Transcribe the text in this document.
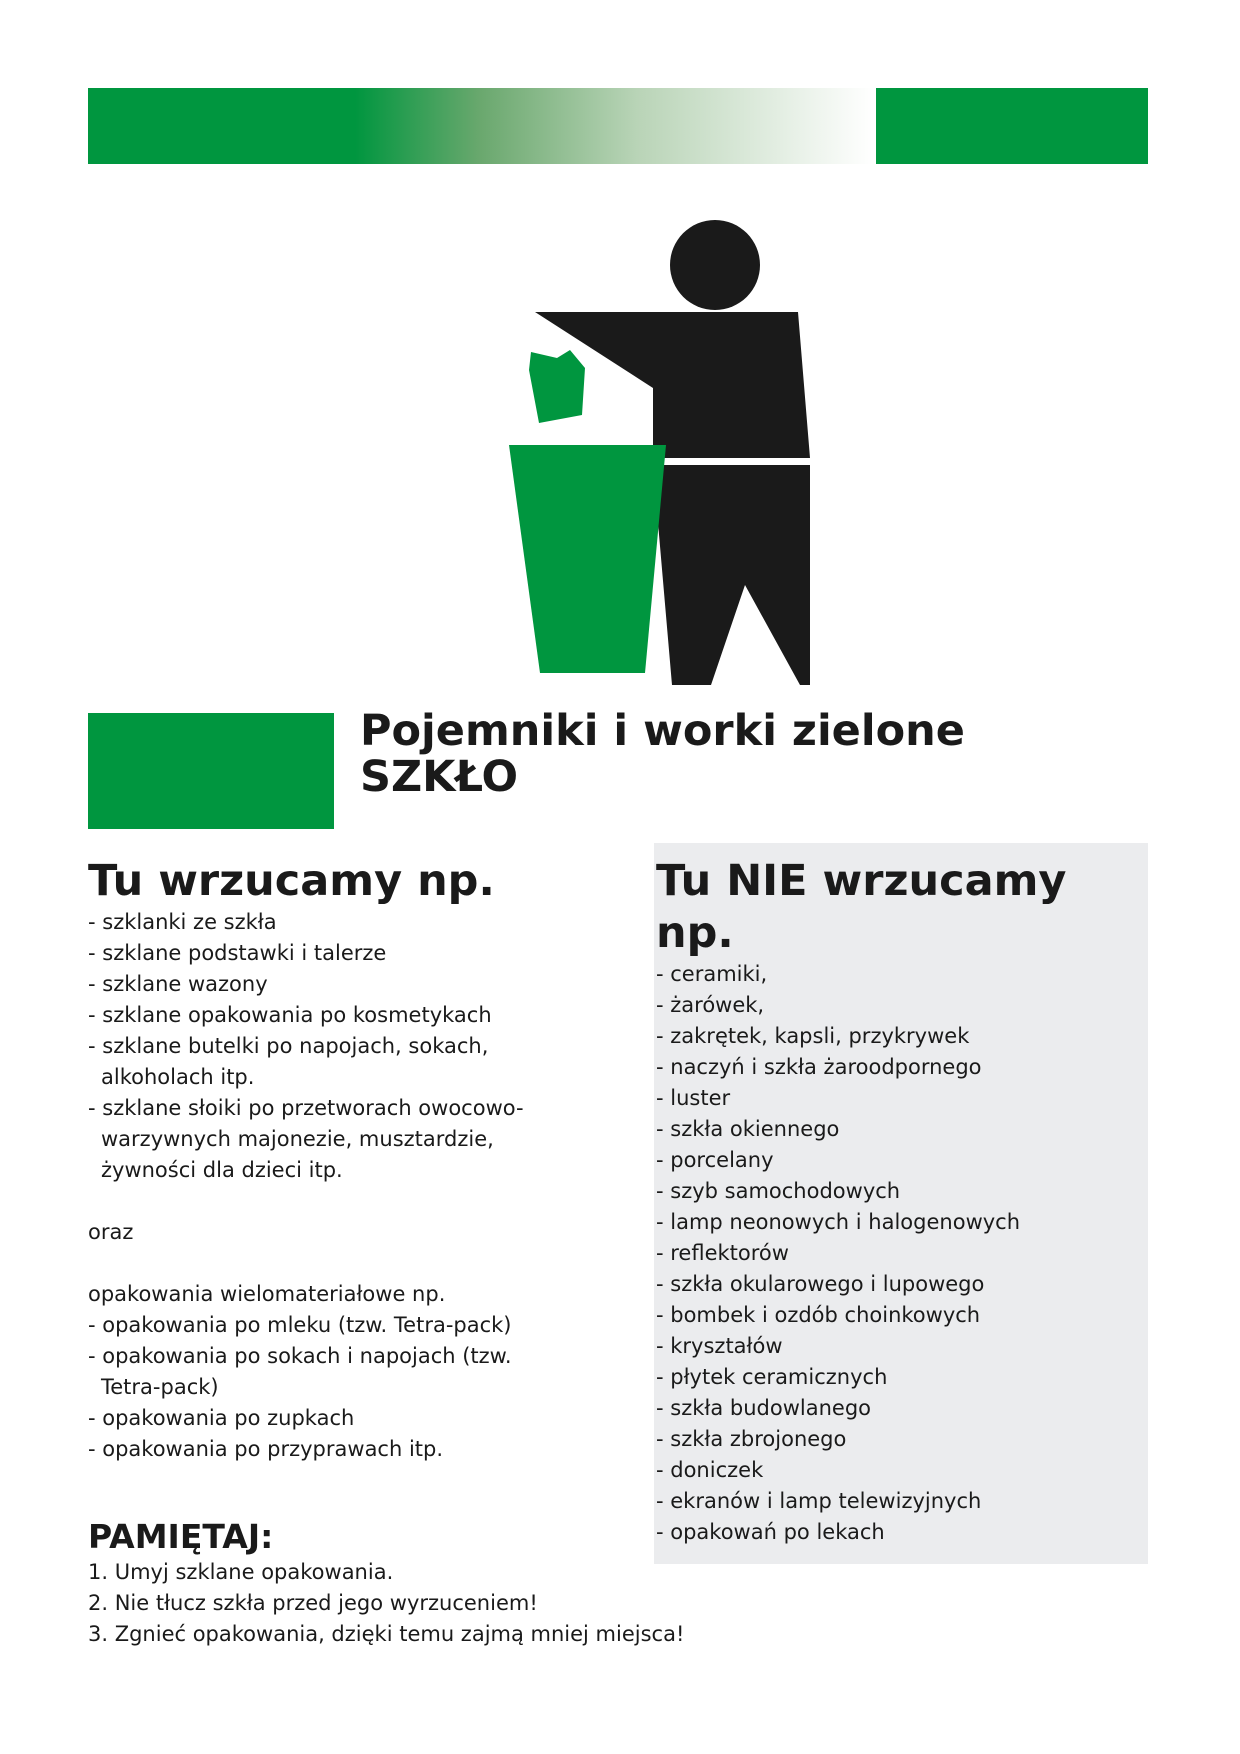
Pojemniki i worki zielone
SZKŁO
Tu wrzucamy np.
- szklanki ze szkła
- szklane podstawki i talerze
- szklane wazony
- szklane opakowania po kosmetykach
- szklane butelki po napojach, sokach, alkoholach itp.
- szklane słoiki po przetworach owocowo-warzywnych majonezie, musztardzie, żywności dla dzieci itp.

oraz

opakowania wielomateriałowe np.

- opakowania po mleku (tzw. Tetra-pack)
- opakowania po sokach i napojach (tzw. Tetra-pack)
- opakowania po zupkach
- opakowania po przyprawach itp.
Tu NIE wrzucamy np.
- ceramiki,
- żarówek,
- zakrętek, kapsli, przykrywek
- naczyń i szkła żaroodpornego
- luster
- szkła okiennego
- porcelany
- szyb samochodowych
- lamp neonowych i halogenowych
- reflektorów
- szkła okularowego i lupowego
- bombek i ozdób choinkowych
- kryształów
- płytek ceramicznych
- szkła budowlanego
- szkła zbrojonego
- doniczek
- ekranów i lamp telewizyjnych
- opakowań po lekach
PAMIĘTAJ:
1. Umyj szklane opakowania.
2. Nie tłucz szkła przed jego wyrzuceniem!
3. Zgnieć opakowania, dzięki temu zajmą mniej miejsca!
